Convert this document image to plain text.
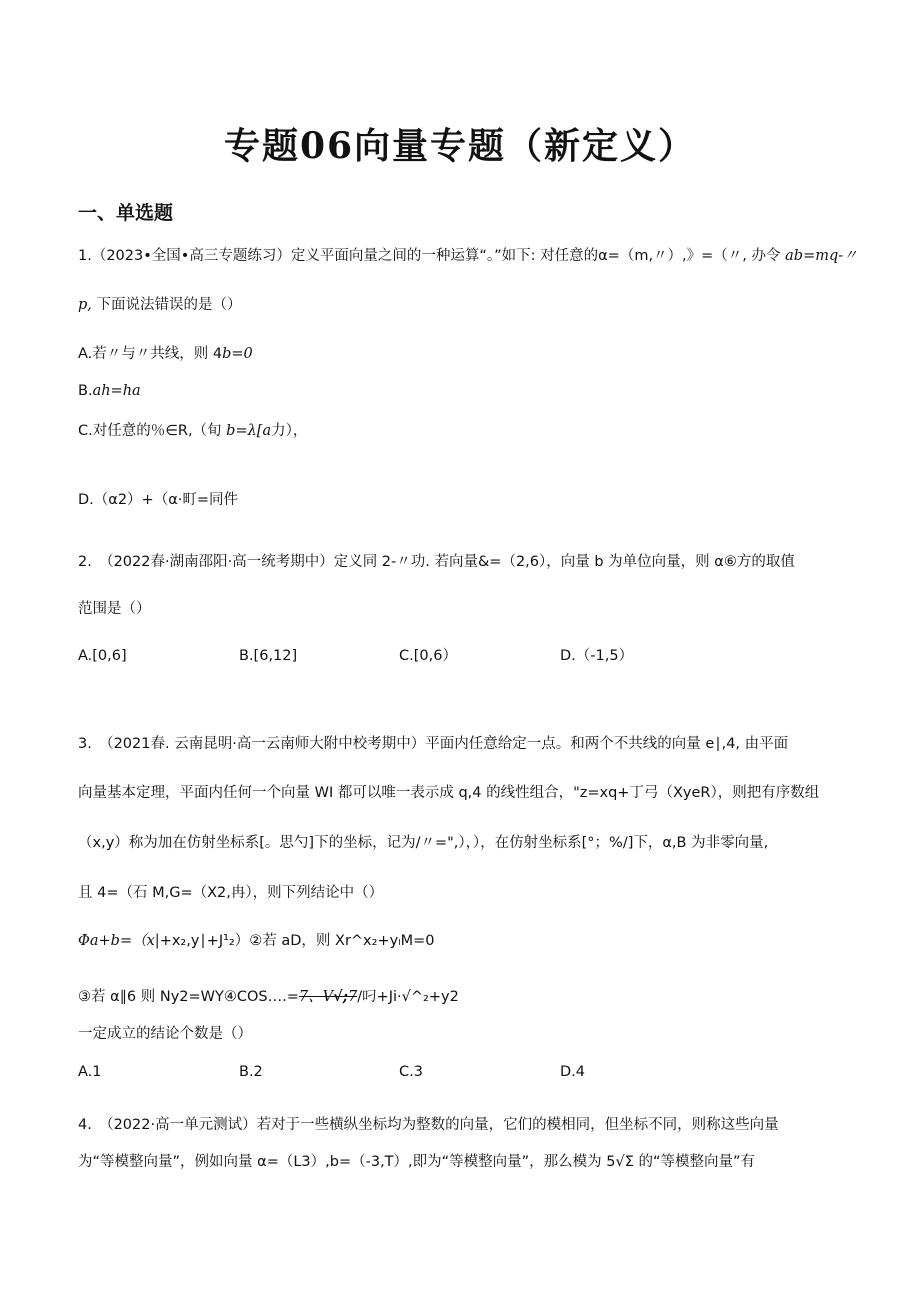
专题06向量专题（新定义）
一、单选题
1.（2023•全国•高三专题练习）定义平面向量之间的一种运算“。”如下: 对任意的α=（m,〃）,》=（〃, 办令 ab=mq-〃
p, 下面说法错误的是（）
A.若〃与〃共线，则 4b=0
B.ah=ha
C.对任意的％∈R,（旬 b=λ[a力），
D.（α2）+（α·町=同件
2.　（2022春·湖南邵阳·高一统考期中）定义同 2-〃功. 若向量&=（2,6），向量 b 为单位向量，则 α⑥方的取值
范围是（）
A.[0,6]	B.[6,12]	C.[0,6）	D.（-1,5）
3.　（2021春. 云南昆明·高一云南师大附中校考期中）平面内任意给定一点。和两个不共线的向量 e∣,4, 由平面
向量基本定理，平面内任何一个向量 WI 都可以唯一表示成 q,4 的线性组合，"z=xq+丁弓（XyeR），则把有序数组
（x,y）称为加在仿射坐标系[。思勺]下的坐标，记为/〃=",），），在仿射坐标系[°；%/]下，α,B 为非零向量,
且 4=（石 M,G=（X2,冉），则下列结论中（）
Φa+b=（x|+x₂,y∣+J¹₂）②若 aD，则 Xr^x₂+yₗM=0
③若 α∥6 则 Ny2=WY④COS….=7、V√;7/叼+Ji·√^₂+y2
一定成立的结论个数是（）
A.1	B.2	C.3	D.4
4.　（2022·高一单元测试）若对于一些横纵坐标均为整数的向量，它们的模相同，但坐标不同，则称这些向量
为“等模整向量”，例如向量 α=（L3）,b=（-3,T）,即为“等模整向量”，那么模为 5√Σ 的“等模整向量”有
